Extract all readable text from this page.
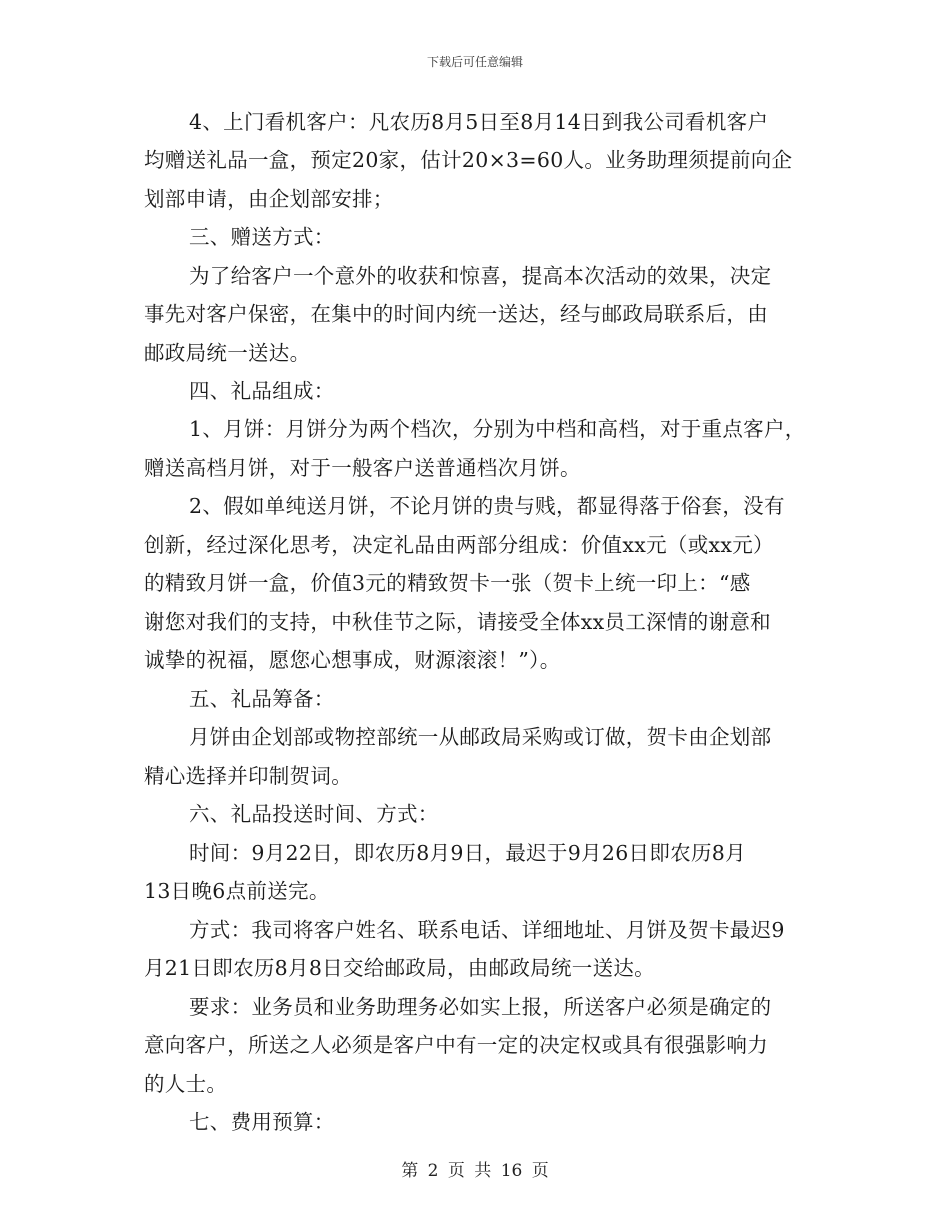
下载后可任意编辑
4、上门看机客户：凡农历8月5日至8月14日到我公司看机客户
均赠送礼品一盒，预定20家，估计20×3=60人。业务助理须提前向企
划部申请，由企划部安排；
三、赠送方式：
为了给客户一个意外的收获和惊喜，提高本次活动的效果，决定
事先对客户保密，在集中的时间内统一送达，经与邮政局联系后，由
邮政局统一送达。
四、礼品组成：
1、月饼：月饼分为两个档次，分别为中档和高档，对于重点客户，
赠送高档月饼，对于一般客户送普通档次月饼。
2、假如单纯送月饼，不论月饼的贵与贱，都显得落于俗套，没有
创新，经过深化思考，决定礼品由两部分组成：价值xx元（或xx元）
的精致月饼一盒，价值3元的精致贺卡一张（贺卡上统一印上：“感
谢您对我们的支持，中秋佳节之际，请接受全体xx员工深情的谢意和
诚挚的祝福，愿您心想事成，财源滚滚！”）。
五、礼品筹备：
月饼由企划部或物控部统一从邮政局采购或订做，贺卡由企划部
精心选择并印制贺词。
六、礼品投送时间、方式：
时间：9月22日，即农历8月9日，最迟于9月26日即农历8月
13日晚6点前送完。
方式：我司将客户姓名、联系电话、详细地址、月饼及贺卡最迟9
月21日即农历8月8日交给邮政局，由邮政局统一送达。
要求：业务员和业务助理务必如实上报，所送客户必须是确定的
意向客户，所送之人必须是客户中有一定的决定权或具有很强影响力
的人士。
七、费用预算：
第 2 页 共 16 页
